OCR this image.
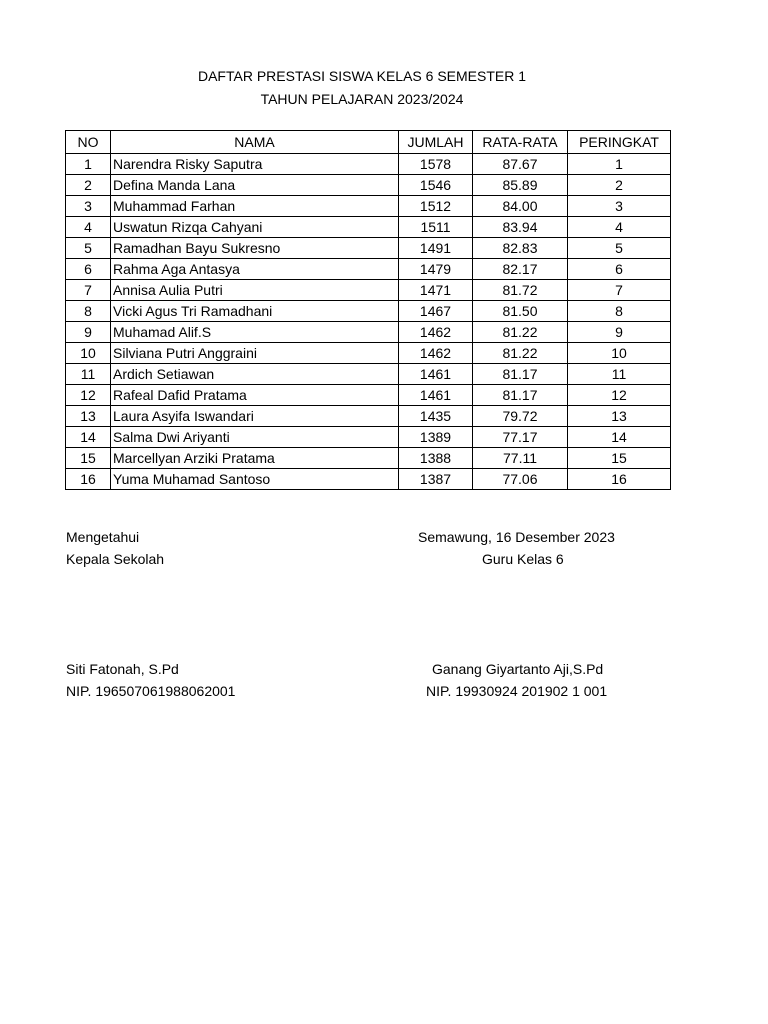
DAFTAR PRESTASI SISWA KELAS 6 SEMESTER 1
TAHUN PELAJARAN 2023/2024
NO	NAMA	JUMLAH	RATA-RATA	PERINGKAT
1	Narendra Risky Saputra	1578	87.67	1
2	Defina Manda Lana	1546	85.89	2
3	Muhammad Farhan	1512	84.00	3
4	Uswatun Rizqa Cahyani	1511	83.94	4
5	Ramadhan Bayu Sukresno	1491	82.83	5
6	Rahma Aga Antasya	1479	82.17	6
7	Annisa Aulia Putri	1471	81.72	7
8	Vicki Agus Tri Ramadhani	1467	81.50	8
9	Muhamad Alif.S	1462	81.22	9
10	Silviana Putri Anggraini	1462	81.22	10
11	Ardich Setiawan	1461	81.17	11
12	Rafeal Dafid Pratama	1461	81.17	12
13	Laura Asyifa Iswandari	1435	79.72	13
14	Salma Dwi Ariyanti	1389	77.17	14
15	Marcellyan Arziki Pratama	1388	77.11	15
16	Yuma Muhamad Santoso	1387	77.06	16
Mengetahui
Kepala Sekolah
Siti Fatonah, S.Pd
NIP. 196507061988062001
Semawung, 16 Desember 2023
Guru Kelas 6
Ganang Giyartanto Aji,S.Pd
NIP. 19930924 201902 1 001
